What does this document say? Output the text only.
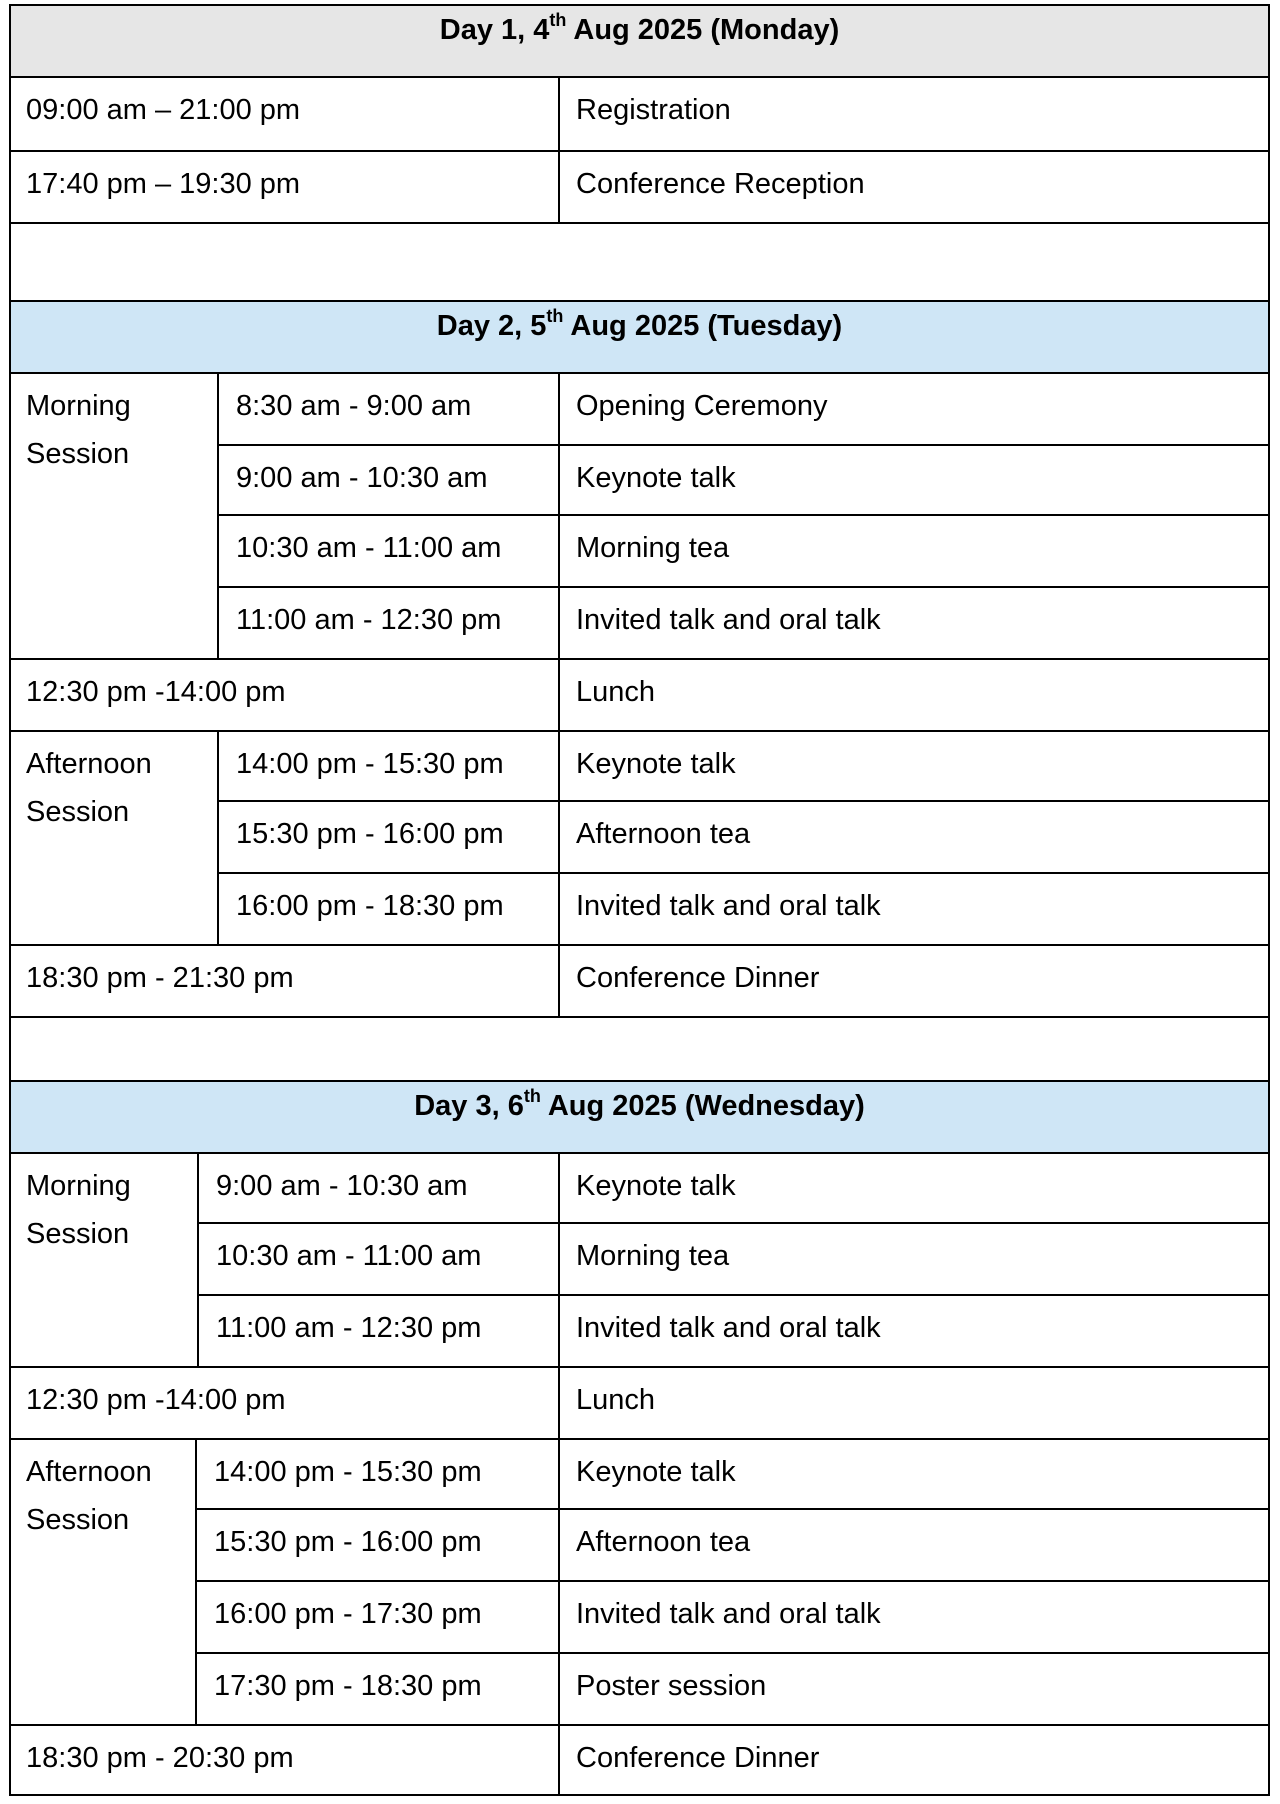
Day 1, 4th Aug 2025 (Monday)
09:00 am – 21:00 pm	Registration
17:40 pm – 19:30 pm	Conference Reception
Day 2, 5th Aug 2025 (Tuesday)
Morning
Session
8:30 am - 9:00 am	Opening Ceremony
9:00 am - 10:30 am	Keynote talk
10:30 am - 11:00 am	Morning tea
11:00 am - 12:30 pm	Invited talk and oral talk
12:30 pm -14:00 pm	Lunch
Afternoon
Session
14:00 pm - 15:30 pm	Keynote talk
15:30 pm - 16:00 pm	Afternoon tea
16:00 pm - 18:30 pm	Invited talk and oral talk
18:30 pm - 21:30 pm	Conference Dinner
Day 3, 6th Aug 2025 (Wednesday)
Morning
Session
9:00 am - 10:30 am	Keynote talk
10:30 am - 11:00 am	Morning tea
11:00 am - 12:30 pm	Invited talk and oral talk
12:30 pm -14:00 pm	Lunch
Afternoon
Session
14:00 pm - 15:30 pm	Keynote talk
15:30 pm - 16:00 pm	Afternoon tea
16:00 pm - 17:30 pm	Invited talk and oral talk
17:30 pm - 18:30 pm	Poster session
18:30 pm - 20:30 pm	Conference Dinner
